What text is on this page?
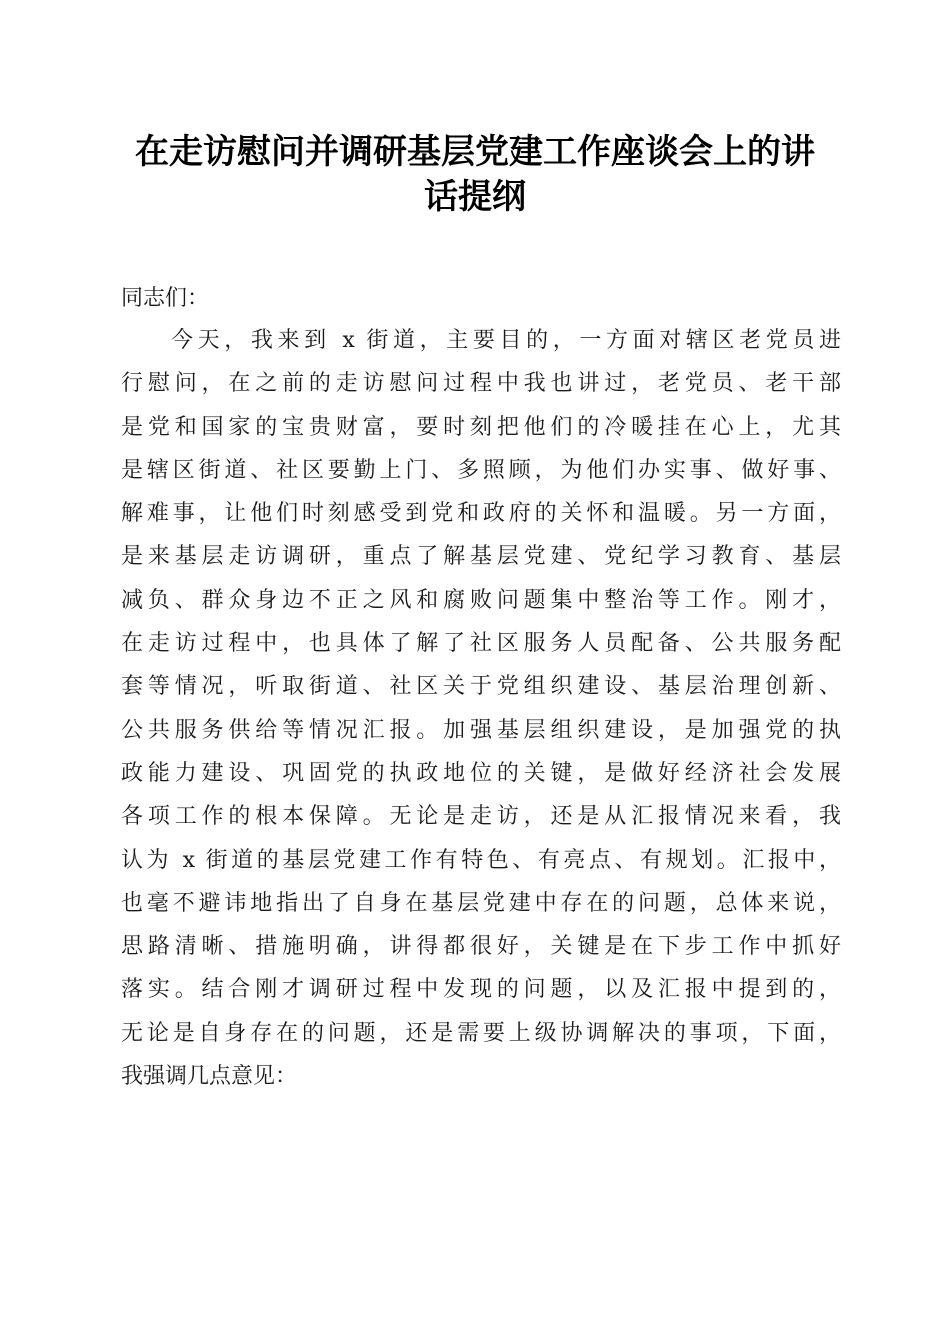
在走访慰问并调研基层党建工作座谈会上的讲
话提纲
同志们：
今天，我来到 x 街道，主要目的，一方面对辖区老党员进
行慰问，在之前的走访慰问过程中我也讲过，老党员、老干部
是党和国家的宝贵财富，要时刻把他们的冷暖挂在心上，尤其
是辖区街道、社区要勤上门、多照顾，为他们办实事、做好事、
解难事，让他们时刻感受到党和政府的关怀和温暖。另一方面，
是来基层走访调研，重点了解基层党建、党纪学习教育、基层
减负、群众身边不正之风和腐败问题集中整治等工作。刚才，
在走访过程中，也具体了解了社区服务人员配备、公共服务配
套等情况，听取街道、社区关于党组织建设、基层治理创新、
公共服务供给等情况汇报。加强基层组织建设，是加强党的执
政能力建设、巩固党的执政地位的关键，是做好经济社会发展
各项工作的根本保障。无论是走访，还是从汇报情况来看，我
认为 x 街道的基层党建工作有特色、有亮点、有规划。汇报中，
也毫不避讳地指出了自身在基层党建中存在的问题，总体来说，
思路清晰、措施明确，讲得都很好，关键是在下步工作中抓好
落实。结合刚才调研过程中发现的问题，以及汇报中提到的，
无论是自身存在的问题，还是需要上级协调解决的事项，下面，
我强调几点意见：
